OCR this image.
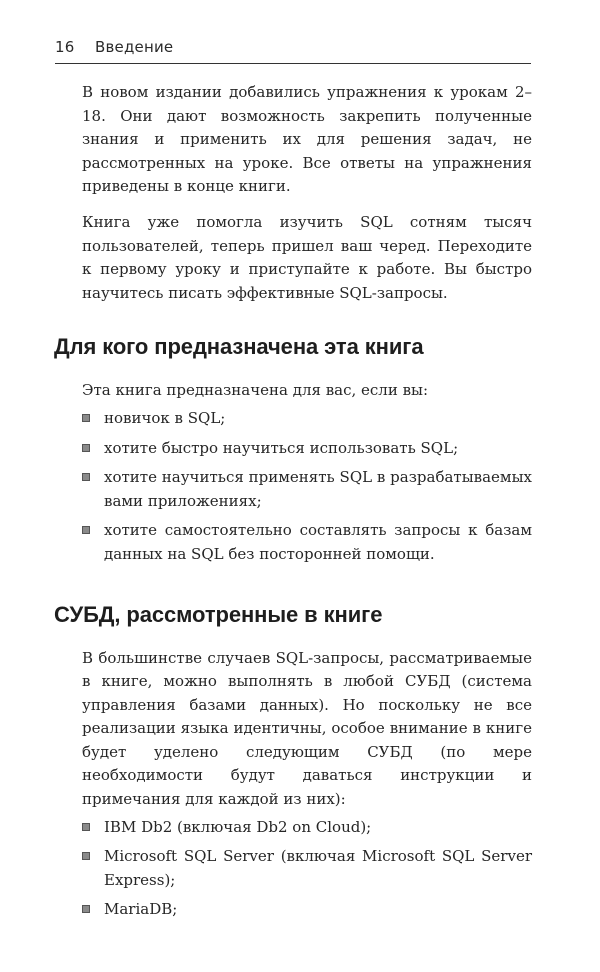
16 Введение

В новом издании добавились упражнения к урокам 2–18. Они дают возможность закрепить полученные знания и применить их для решения задач, не рассмотренных на уроке. Все ответы на упражнения приведены в конце книги.

Книга уже помогла изучить SQL сотням тысяч пользователей, теперь пришел ваш черед. Переходите к первому уроку и приступайте к работе. Вы быстро научитесь писать эффективные SQL-запросы.

Для кого предназначена эта книга

Эта книга предназначена для вас, если вы:

новичок в SQL;
хотите быстро научиться использовать SQL;
хотите научиться применять SQL в разрабатываемых вами приложениях;
хотите самостоятельно составлять запросы к базам данных на SQL без посторонней помощи.
СУБД, рассмотренные в книге

В большинстве случаев SQL-запросы, рассматриваемые в книге, можно выполнять в любой СУБД (система управления базами данных). Но поскольку не все реализации языка идентичны, особое внимание в книге будет уделено следующим СУБД (по мере необходимости будут даваться инструкции и примечания для каждой из них):

IBM Db2 (включая Db2 on Cloud);
Microsoft SQL Server (включая Microsoft SQL Server Express);
MariaDB;
